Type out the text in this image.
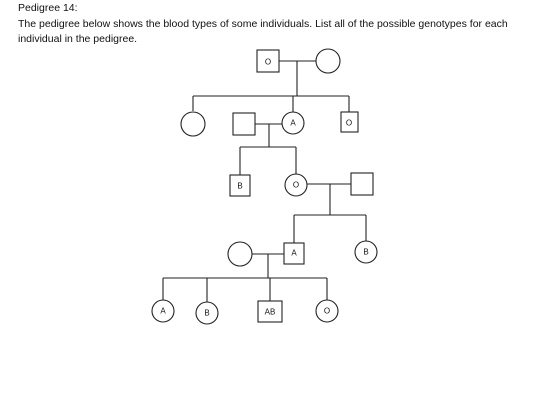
Pedigree 14:
The pedigree below shows the blood types of some individuals. List all of the possible genotypes for each individual in the pedigree.
O
A	O
B	O
A	B
A	B	AB	O
